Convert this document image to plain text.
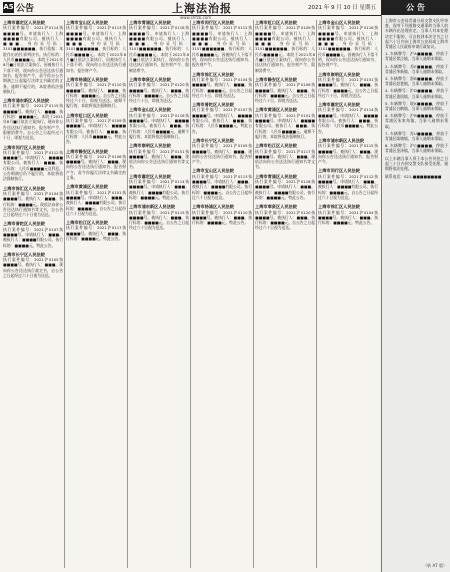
A5 公告	上海法治报	2021 年 9 月 10 日 星期五	公 告
www.shfzb.com
上海市嘉定区人民法院
执行案件编号：2021沪0114执■■■■号。申请执行人：上海■■■■有限公司。被执行人：■■■，身份证号码：3101■■■■■■。执行依据：本院作出的民事判决书。执行标的：人民币■■■■元。本院于2021年8月■日依法立案执行。因被执行人下落不明，现向你公告送达执行通知书、报告财产令，责令你自公告期满之日起履行法律文书确定的义务。逾期不履行的，本院将依法强制执行。
上海市浦东新区人民法院
执行案件编号：2021沪0115执■■■■号。被执行人：■■■。执行标的：■■■■元。本院于2021年8月■日依法立案执行。现向你公告送达执行通知书、报告财产令、限制消费令。自公告之日起经过六十日，即视为送达。
上海市闵行区人民法院
执行案件编号：2021沪0112执■■■■号。申请执行人：■■■■有限公司。被执行人：■■■。执行标的：人民币■■■■元及利息。公告期满后仍不履行的，本院将依法强制执行。
上海市徐汇区人民法院
执行案件编号：2021沪0104执■■■■号。被执行人：■■■。执行标的：■■■■元。现依法向你公告送达执行通知书等文书，自公告之日起经过六十日视为送达。
上海市普陀区人民法院
执行案件编号：2021沪0107执■■■■号。申请执行人：■■■。被执行人：■■■■有限公司。执行标的：■■■■元。特此公告。
上海市长宁区人民法院
执行案件编号：2021沪0105执■■■■号。被执行人：■■■。现向你公告送达执行裁定书，自公告之日起经过六十日视为送达。
上海市宝山区人民法院
执行案件编号：2021沪0113执■■■■号。申请执行人：上海■■■■有限公司。被执行人：■■■，身份证号码：3101■■■■■■。执行标的：人民币■■■■元。本院于2021年8月■日依法立案执行。因被执行人下落不明，现向你公告送达执行通知书、报告财产令。
上海市杨浦区人民法院
执行案件编号：2021沪0110执■■■■号。被执行人：■■■。执行标的：■■■■元。自公告之日起经过六十日，即视为送达。逾期不履行的，本院将依法强制执行。
上海市虹口区人民法院
执行案件编号：2021沪0109执■■■■号。申请执行人：■■■■有限公司。被执行人：■■■。执行标的：人民币■■■■元。特此公告。
上海市静安区人民法院
执行案件编号：2021沪0106执■■■■号。被执行人：■■■。现向你公告送达执行通知书、报告财产令，责令你履行法律文书确定的义务。
上海市黄浦区人民法院
执行案件编号：2021沪0101执■■■■号。申请执行人：■■■。被执行人：■■■■有限公司。执行标的：■■■■元。自公告之日起经过六十日视为送达。
上海市松江区人民法院
执行案件编号：2021沪0117执■■■■号。被执行人：■■■。执行标的：■■■■元。特此公告。
上海市青浦区人民法院
执行案件编号：2021沪0118执■■■■号。申请执行人：上海■■■■有限公司。被执行人：■■■，身份证号码：3101■■■■■■。执行标的：人民币■■■■元。本院于2021年8月■日依法立案执行。现向你公告送达执行通知书、报告财产令、限制消费令。
上海市奉贤区人民法院
执行案件编号：2021沪0120执■■■■号。被执行人：■■■。执行标的：■■■■元。自公告之日起经过六十日，即视为送达。
上海市金山区人民法院
执行案件编号：2021沪0116执■■■■号。申请执行人：■■■■有限公司。被执行人：■■■。执行标的：人民币■■■■元。逾期不履行的，本院将依法强制执行。
上海市崇明区人民法院
执行案件编号：2021沪0151执■■■■号。被执行人：■■■。现依法向你公告送达执行通知书等文书。
上海市嘉定区人民法院
执行案件编号：2021沪0114执■■■■号。申请执行人：■■■。被执行人：■■■■有限公司。执行标的：■■■■元。特此公告。
上海市浦东新区人民法院
执行案件编号：2021沪0115执■■■■号。被执行人：■■■。执行标的：■■■■元。自公告之日起经过六十日视为送达。
上海市闵行区人民法院
执行案件编号：2021沪0112执■■■■号。申请执行人：上海■■■■有限公司。被执行人：■■■，身份证号码：3101■■■■■■。执行标的：人民币■■■■元。因被执行人下落不明，现向你公告送达执行通知书、报告财产令。
上海市徐汇区人民法院
执行案件编号：2021沪0104执■■■■号。被执行人：■■■。执行标的：■■■■元。自公告之日起经过六十日，即视为送达。
上海市普陀区人民法院
执行案件编号：2021沪0107执■■■■号。申请执行人：■■■■有限公司。被执行人：■■■。执行标的：人民币■■■■元。特此公告。
上海市长宁区人民法院
执行案件编号：2021沪0105执■■■■号。被执行人：■■■。现向你公告送达执行通知书、报告财产令。
上海市宝山区人民法院
执行案件编号：2021沪0113执■■■■号。申请执行人：■■■。被执行人：■■■■有限公司。执行标的：■■■■元。自公告之日起经过六十日视为送达。
上海市杨浦区人民法院
执行案件编号：2021沪0110执■■■■号。被执行人：■■■。执行标的：■■■■元。特此公告。
上海市虹口区人民法院
执行案件编号：2021沪0109执■■■■号。申请执行人：上海■■■■有限公司。被执行人：■■■，身份证号码：3101■■■■■■。执行标的：人民币■■■■元。本院于2021年8月■日依法立案执行。现向你公告送达执行通知书、报告财产令、限制消费令。
上海市静安区人民法院
执行案件编号：2021沪0106执■■■■号。被执行人：■■■。执行标的：■■■■元。自公告之日起经过六十日，即视为送达。
上海市黄浦区人民法院
执行案件编号：2021沪0101执■■■■号。申请执行人：■■■■有限公司。被执行人：■■■。执行标的：人民币■■■■元。逾期不履行的，本院将依法强制执行。
上海市松江区人民法院
执行案件编号：2021沪0117执■■■■号。被执行人：■■■。现依法向你公告送达执行通知书等文书。
上海市青浦区人民法院
执行案件编号：2021沪0118执■■■■号。申请执行人：■■■。被执行人：■■■■有限公司。执行标的：■■■■元。特此公告。
上海市奉贤区人民法院
执行案件编号：2021沪0120执■■■■号。被执行人：■■■。执行标的：■■■■元。自公告之日起经过六十日视为送达。
上海市金山区人民法院
执行案件编号：2021沪0116执■■■■号。申请执行人：上海■■■■有限公司。被执行人：■■■，身份证号码：3101■■■■■■。执行标的：人民币■■■■元。因被执行人下落不明，现向你公告送达执行通知书、报告财产令。
上海市崇明区人民法院
执行案件编号：2021沪0151执■■■■号。被执行人：■■■。执行标的：■■■■元。自公告之日起经过六十日，即视为送达。
上海市嘉定区人民法院
执行案件编号：2021沪0114执■■■■号。申请执行人：■■■■有限公司。被执行人：■■■。执行标的：人民币■■■■元。特此公告。
上海市浦东新区人民法院
执行案件编号：2021沪0115执■■■■号。被执行人：■■■。现向你公告送达执行通知书、报告财产令。
上海市闵行区人民法院
执行案件编号：2021沪0112执■■■■号。申请执行人：■■■。被执行人：■■■■有限公司。执行标的：■■■■元。自公告之日起经过六十日视为送达。
上海市徐汇区人民法院
执行案件编号：2021沪0104执■■■■号。被执行人：■■■。执行标的：■■■■元。特此公告。
上海市公安局青浦分局交警支队经审查，现对下列道路交通事故当事人的车辆作出处理决定。当事人对本处理决定不服的，可自收到本决定书之日起六十日内向上海市公安局或上海市青浦区人民政府申请行政复议。
1. 车辆牌号：沪A■■■■，停放于青浦区徐泾镇，当事人逾期未领取。
2. 车辆牌号：苏E■■■■，停放于青浦区华新镇，当事人逾期未领取。
3. 车辆牌号：浙B■■■■，停放于青浦区赵巷镇，当事人逾期未领取。
4. 车辆牌号：沪D■■■■，停放于青浦区重固镇，当事人逾期未领取。
5. 车辆牌号：皖K■■■■，停放于青浦区白鹤镇，当事人逾期未领取。
6. 车辆牌号：沪B■■■■，停放于青浦区朱家角镇，当事人逾期未领取。
7. 车辆牌号：苏U■■■■，停放于青浦区练塘镇，当事人逾期未领取。
8. 车辆牌号：沪C■■■■，停放于青浦区金泽镇，当事人逾期未领取。
以上车辆当事人须于本公告刊登之日起三十日内到交警支队接受处理，逾期将依法处理。
联系电话：021-■■■■■■■■
（转 A7 版）
